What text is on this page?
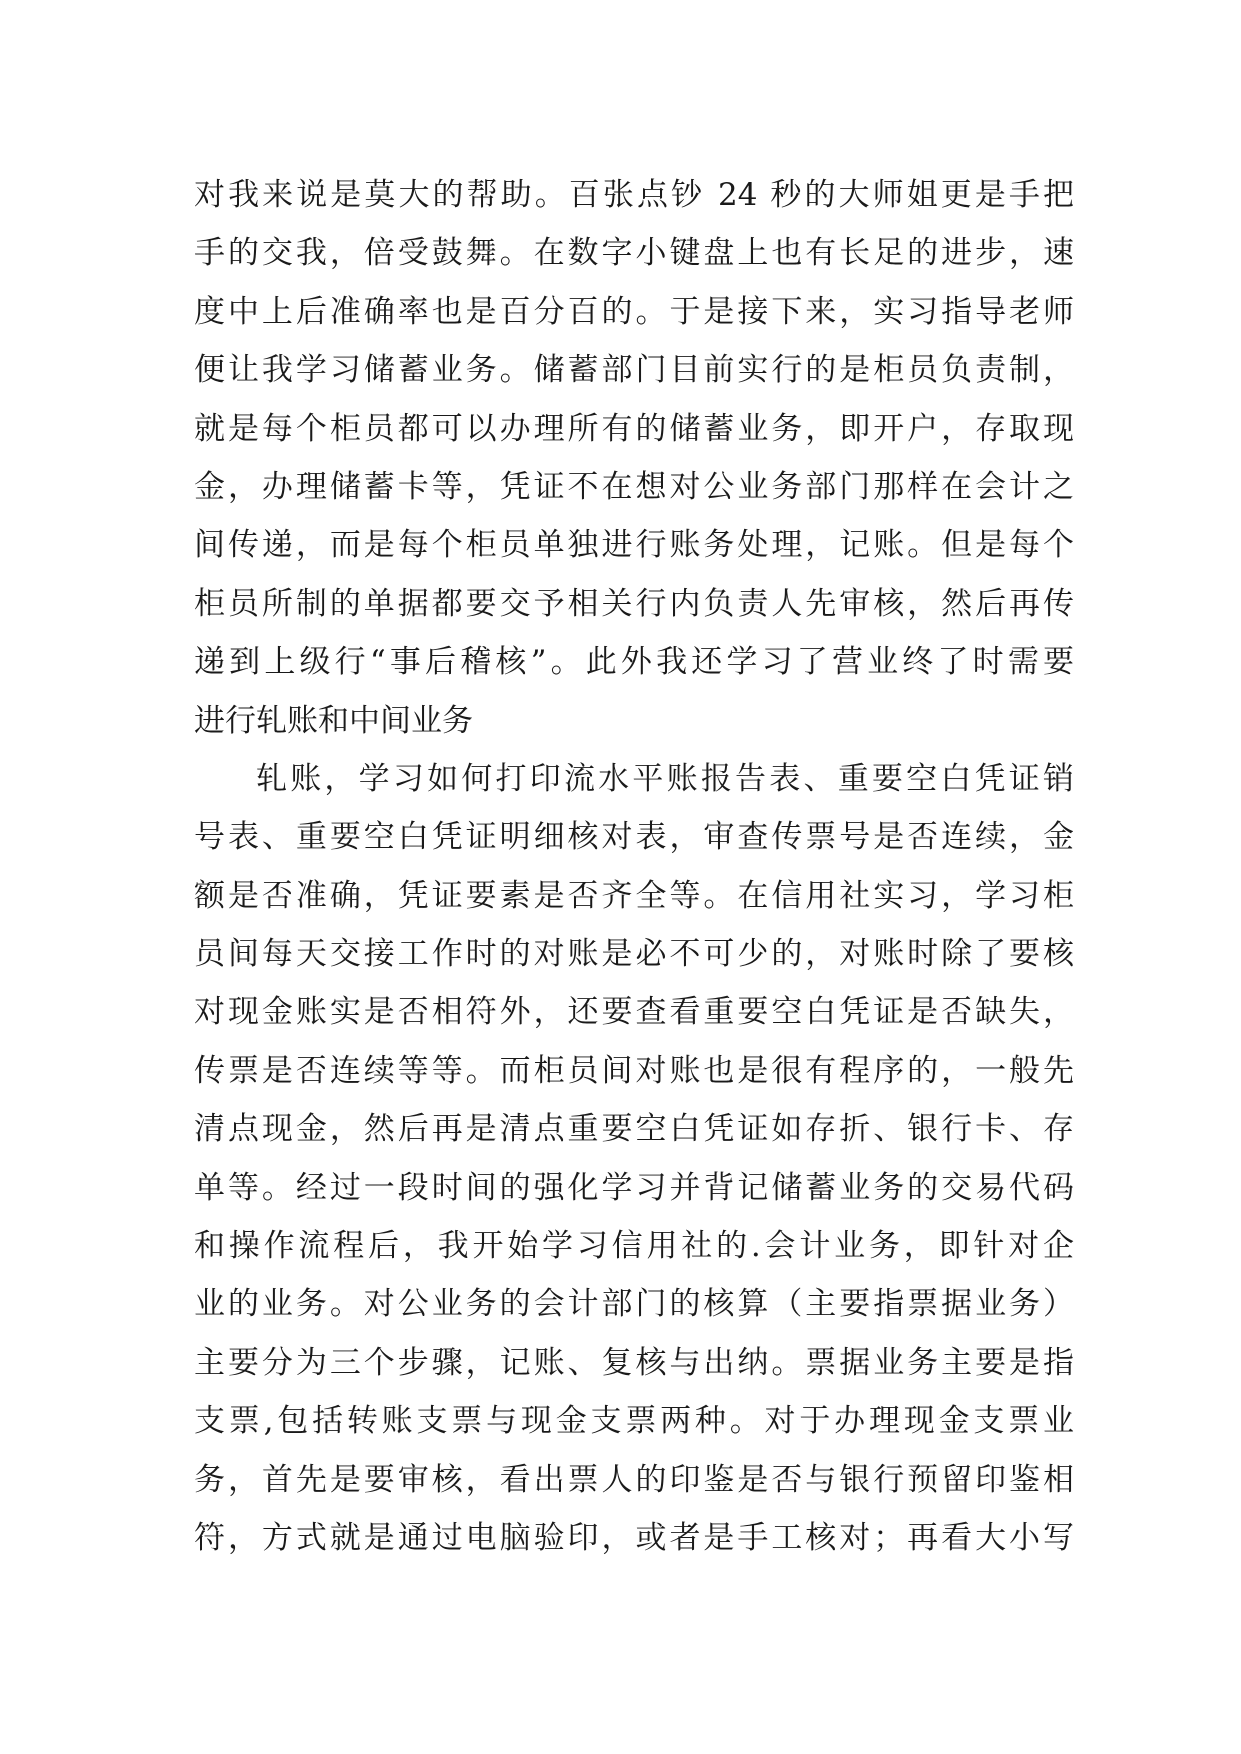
对我来说是莫大的帮助。百张点钞 24 秒的大师姐更是手把
手的交我，倍受鼓舞。在数字小键盘上也有长足的进步，速
度中上后准确率也是百分百的。于是接下来，实习指导老师
便让我学习储蓄业务。储蓄部门目前实行的是柜员负责制，
就是每个柜员都可以办理所有的储蓄业务，即开户，存取现
金，办理储蓄卡等，凭证不在想对公业务部门那样在会计之
间传递，而是每个柜员单独进行账务处理，记账。但是每个
柜员所制的单据都要交予相关行内负责人先审核，然后再传
递到上级行“事后稽核”。此外我还学习了营业终了时需要
进行轧账和中间业务
轧账，学习如何打印流水平账报告表、重要空白凭证销
号表、重要空白凭证明细核对表，审查传票号是否连续，金
额是否准确，凭证要素是否齐全等。在信用社实习，学习柜
员间每天交接工作时的对账是必不可少的，对账时除了要核
对现金账实是否相符外，还要查看重要空白凭证是否缺失，
传票是否连续等等。而柜员间对账也是很有程序的，一般先
清点现金，然后再是清点重要空白凭证如存折、银行卡、存
单等。经过一段时间的强化学习并背记储蓄业务的交易代码
和操作流程后，我开始学习信用社的.会计业务，即针对企
业的业务。对公业务的会计部门的核算（主要指票据业务）
主要分为三个步骤，记账、复核与出纳。票据业务主要是指
支票,包括转账支票与现金支票两种。对于办理现金支票业
务，首先是要审核，看出票人的印鉴是否与银行预留印鉴相
符，方式就是通过电脑验印，或者是手工核对；再看大小写
